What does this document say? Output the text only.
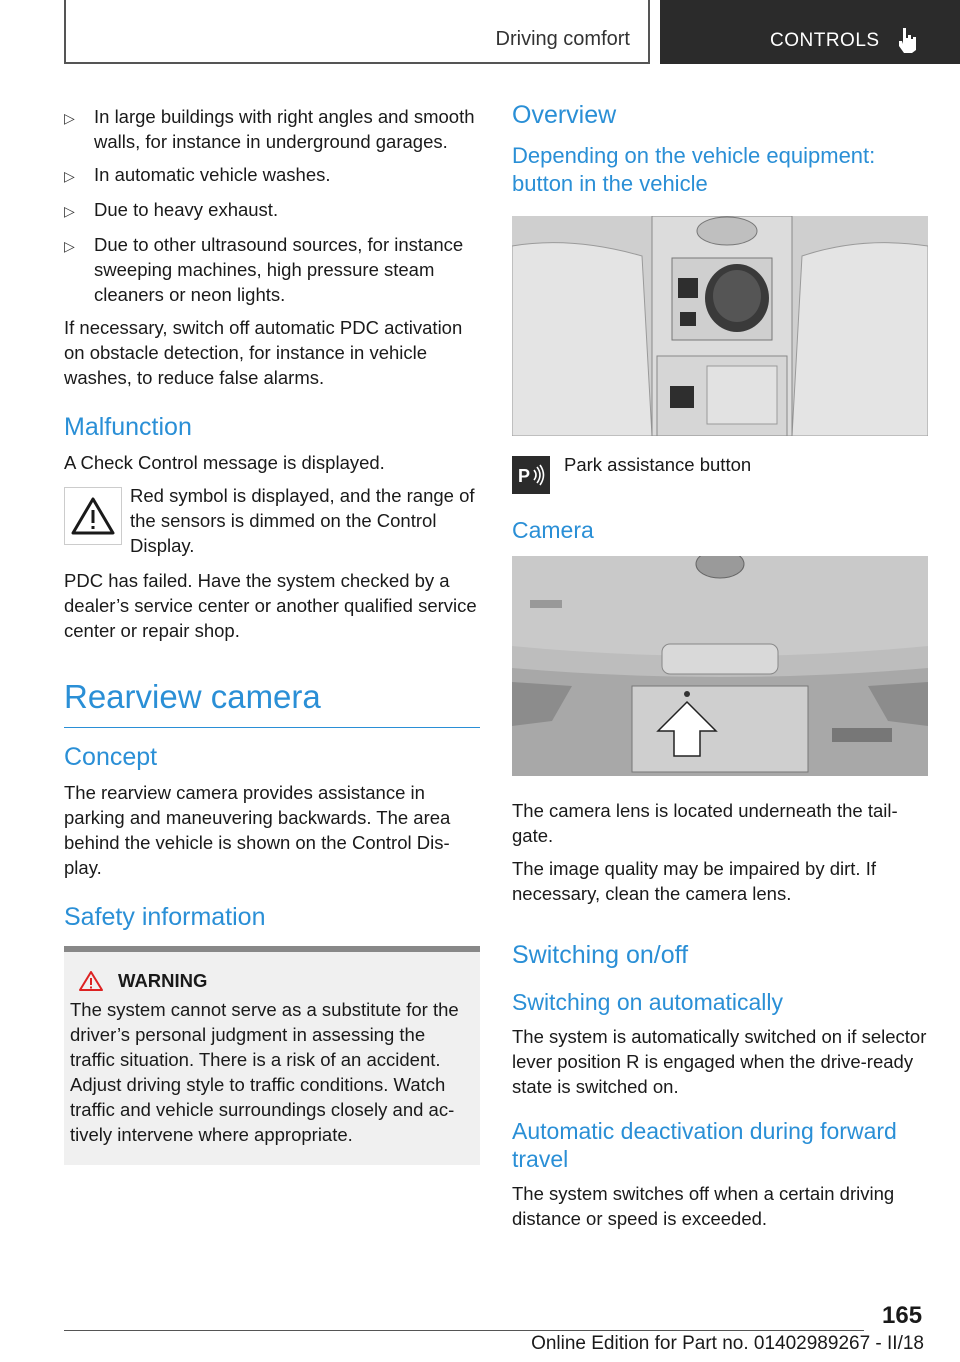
Driving comfort	CONTROLS
▷	In large buildings with right angles and smooth walls, for instance in underground garages.
▷	In automatic vehicle washes.
▷	Due to heavy exhaust.
▷	Due to other ultrasound sources, for instance sweeping machines, high pressure steam cleaners or neon lights.

If necessary, switch off automatic PDC activation on obstacle detection, for instance in vehicle washes, to reduce false alarms.

Malfunction

A Check Control message is displayed.

Red symbol is displayed, and the range of the sensors is dimmed on the Control Display.

PDC has failed. Have the system checked by a dealer’s service center or another qualified service center or repair shop.

Rearview camera
Concept

The rearview camera provides assistance in parking and maneuvering backwards. The area behind the vehicle is shown on the Control Display.

Safety information
WARNING
The system cannot serve as a substitute for the driver’s personal judgment in assessing the traffic situation. There is a risk of an accident. Adjust driving style to traffic conditions. Watch traffic and vehicle surroundings closely and actively intervene where appropriate.
Overview
Depending on the vehicle equipment: button in the vehicle
P
Park assistance button
Camera

The camera lens is located underneath the tailgate.

The image quality may be impaired by dirt. If necessary, clean the camera lens.

Switching on/off
Switching on automatically

The system is automatically switched on if selector lever position R is engaged when the drive-ready state is switched on.

Automatic deactivation during forward travel

The system switches off when a certain driving distance or speed is exceeded.

165
Online Edition for Part no. 01402989267 - II/18
